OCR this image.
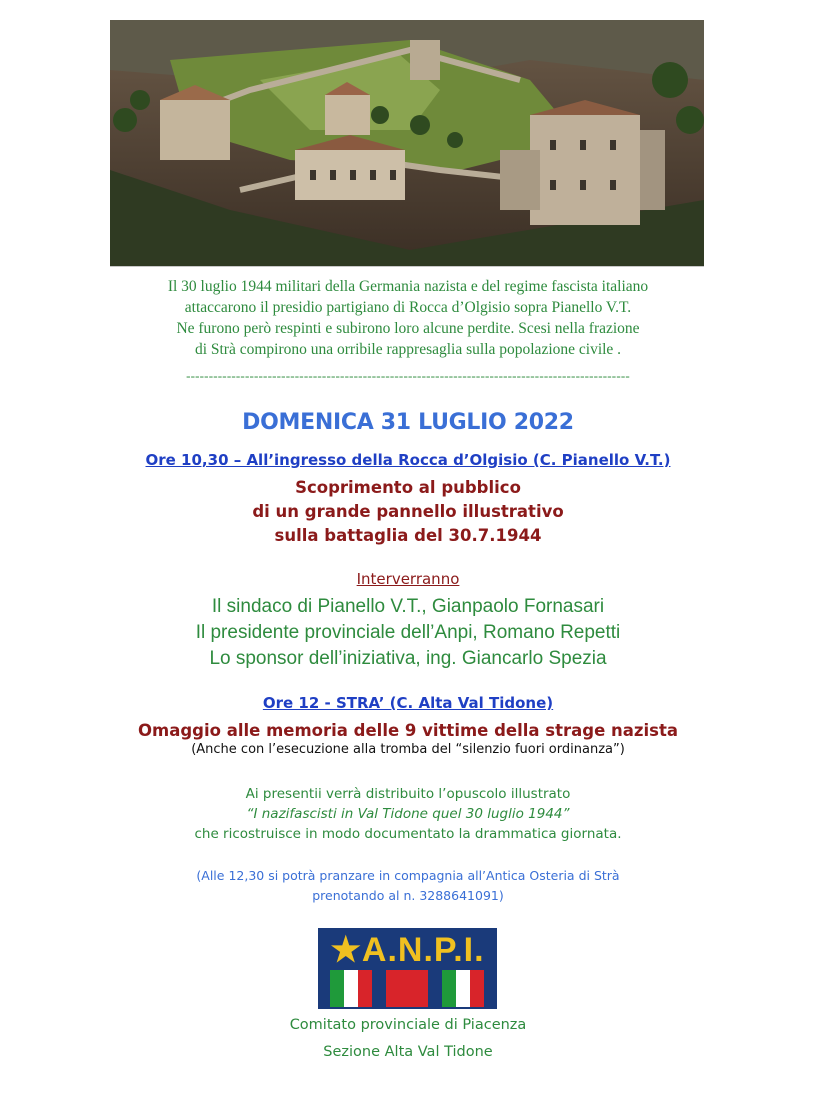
Il 30 luglio 1944 militari della Germania nazista e del regime fascista italiano
attaccarono il presidio partigiano di Rocca d’Olgisio sopra Pianello V.T.
Ne furono però respinti e subirono loro alcune perdite. Scesi nella frazione
di Strà compirono una orribile rappresaglia sulla popolazione civile .
--------------------------------------------------------------------------------------------------
DOMENICA 31 LUGLIO 2022
Ore 10,30 – All’ingresso della Rocca d’Olgisio (C. Pianello V.T.)
Scoprimento al pubblico
di un grande pannello illustrativo
sulla battaglia del 30.7.1944
Interverranno
Il sindaco di Pianello V.T., Gianpaolo Fornasari
Il presidente provinciale dell’Anpi, Romano Repetti
Lo sponsor dell’iniziativa, ing. Giancarlo Spezia
Ore 12 - STRA’ (C. Alta Val Tidone)
Omaggio alle memoria delle 9 vittime della strage nazista
(Anche con l’esecuzione alla tromba del “silenzio fuori ordinanza”)
Ai presentii verrà distribuito l’opuscolo illustrato
“I nazifascisti in Val Tidone quel 30 luglio 1944”
che ricostruisce in modo documentato la drammatica giornata.
(Alle 12,30 si potrà pranzare in compagnia all’Antica Osteria di Strà
prenotando al n. 3288641091)
★A.N.P.I.
Comitato provinciale di Piacenza
Sezione Alta Val Tidone
